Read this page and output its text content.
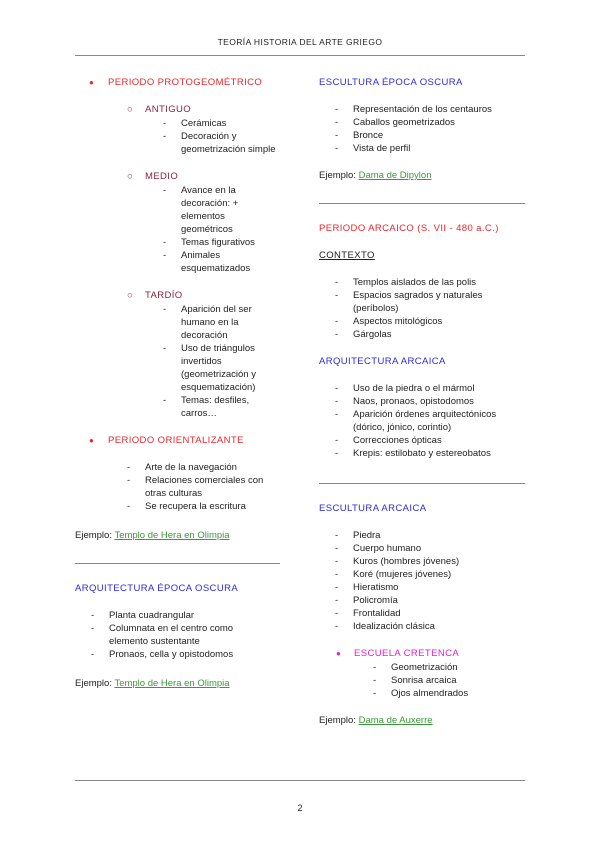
TEORÍA HISTORIA DEL ARTE GRIEGO
● PERIODO PROTOGEOMÉTRICO
○ ANTIGUO
- Cerámicas
- Decoración y geometrización simple
○ MEDIO
- Avance en la decoración: + elementos geométricos
- Temas figurativos
- Animales esquematizados
○ TARDÍO
- Aparición del ser humano en la decoración
- Uso de triángulos invertidos (geometrización y esquematización)
- Temas: desfiles, carros…
● PERIODO ORIENTALIZANTE
- Arte de la navegación
- Relaciones comerciales con otras culturas
- Se recupera la escritura
Ejemplo: Templo de Hera en Olimpia
ARQUITECTURA ÉPOCA OSCURA
- Planta cuadrangular
- Columnata en el centro como elemento sustentante
- Pronaos, cella y opistodomos
Ejemplo: Templo de Hera en Olimpia
ESCULTURA ÉPOCA OSCURA
- Representación de los centauros
- Caballos geometrizados
- Bronce
- Vista de perfil
Ejemplo: Dama de Dipylon
PERIODO ARCAICO (S. VII - 480 a.C.)
CONTEXTO
- Templos aislados de las polis
- Espacios sagrados y naturales (períbolos)
- Aspectos mitológicos
- Gárgolas
ARQUITECTURA ARCAICA
- Uso de la piedra o el mármol
- Naos, pronaos, opistodomos
- Aparición órdenes arquitectónicos (dórico, jónico, corintio)
- Correcciones ópticas
- Krepis: estilobato y estereobatos
ESCULTURA ARCAICA
- Piedra
- Cuerpo humano
- Kuros (hombres jóvenes)
- Koré (mujeres jóvenes)
- Hieratismo
- Policromía
- Frontalidad
- Idealización clásica
● ESCUELA CRETENCA
- Geometrización
- Sonrisa arcaica
- Ojos almendrados
Ejemplo: Dama de Auxerre
2
